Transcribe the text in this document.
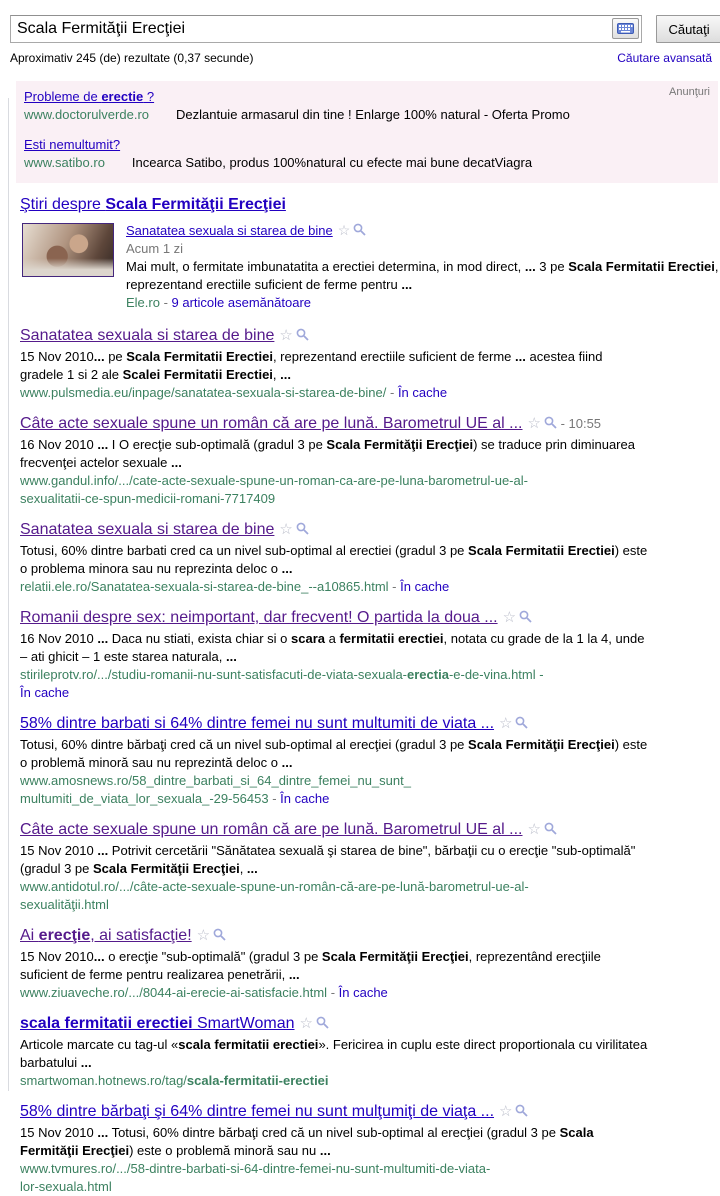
Scala Fermităţii Erecţiei
Căutaţi
Aproximativ 245 (de) rezultate (0,37 secunde)	Căutare avansată
Anunţuri
Probleme de erectie ?
www.doctorulverde.ro Dezlantuie armasarul din tine ! Enlarge 100% natural - Oferta Promo
Esti nemultumit?
www.satibo.ro Incearca Satibo, produs 100%natural cu efecte mai bune decatViagra
Ştiri despre Scala Fermităţii Erecţiei
Sanatatea sexuala si starea de bine ☆
Acum 1 zi
Mai mult, o fermitate imbunatatita a erectiei determina, in mod direct, ... 3 pe Scala Fermitatii Erectiei, reprezentand erectiile suficient de ferme pentru ...
Ele.ro - 9 articole asemănătoare
Sanatatea sexuala si starea de bine ☆
15 Nov 2010... pe Scala Fermitatii Erectiei, reprezentand erectiile suficient de ferme ... acestea fiind gradele 1 si 2 ale Scalei Fermitatii Erectiei, ...
www.pulsmedia.eu/inpage/sanatatea-sexuala-si-starea-de-bine/ - În cache
Câte acte sexuale spune un român că are pe lună. Barometrul UE al ... ☆ - 10:55
16 Nov 2010 ... I O erecţie sub-optimală (gradul 3 pe Scala Fermităţii Erecţiei) se traduce prin diminuarea frecvenţei actelor sexuale ...
www.gandul.info/.../cate-acte-sexuale-spune-un-roman-ca-are-pe-luna-barometrul-ue-al-
sexualitatii-ce-spun-medicii-romani-7717409
Sanatatea sexuala si starea de bine ☆
Totusi, 60% dintre barbati cred ca un nivel sub-optimal al erectiei (gradul 3 pe Scala Fermitatii Erectiei) este o problema minora sau nu reprezinta deloc o ...
relatii.ele.ro/Sanatatea-sexuala-si-starea-de-bine_--a10865.html - În cache
Romanii despre sex: neimportant, dar frecvent! O partida la doua ... ☆
16 Nov 2010 ... Daca nu stiati, exista chiar si o scara a fermitatii erectiei, notata cu grade de la 1 la 4, unde – ati ghicit – 1 este starea naturala, ...
stirileprotv.ro/.../studiu-romanii-nu-sunt-satisfacuti-de-viata-sexuala-erectia-e-de-vina.html -
În cache
58% dintre barbati si 64% dintre femei nu sunt multumiti de viata ... ☆
Totusi, 60% dintre bărbaţi cred că un nivel sub-optimal al erecţiei (gradul 3 pe Scala Fermităţii Erecţiei) este o problemă minoră sau nu reprezintă deloc o ...
www.amosnews.ro/58_dintre_barbati_si_64_dintre_femei_nu_sunt_
multumiti_de_viata_lor_sexuala_-29-56453 - În cache
Câte acte sexuale spune un român că are pe lună. Barometrul UE al ... ☆
15 Nov 2010 ... Potrivit cercetării "Sănătatea sexuală şi starea de bine", bărbaţii cu o erecţie "sub-optimală" (gradul 3 pe Scala Fermităţii Erecţiei, ...
www.antidotul.ro/.../câte-acte-sexuale-spune-un-român-că-are-pe-lună-barometrul-ue-al-
sexualităţii.html
Ai erecţie, ai satisfacţie! ☆
15 Nov 2010... o erecţie "sub-optimală" (gradul 3 pe Scala Fermităţii Erecţiei, reprezentând erecţiile suficient de ferme pentru realizarea penetrării, ...
www.ziuaveche.ro/.../8044-ai-erecie-ai-satisfacie.html - În cache
scala fermitatii erectiei SmartWoman ☆
Articole marcate cu tag-ul «scala fermitatii erectiei». Fericirea in cuplu este direct proportionala cu virilitatea barbatului ...
smartwoman.hotnews.ro/tag/scala-fermitatii-erectiei
58% dintre bărbaţi şi 64% dintre femei nu sunt mulţumiţi de viaţa ... ☆
15 Nov 2010 ... Totusi, 60% dintre bărbaţi cred că un nivel sub-optimal al erecţiei (gradul 3 pe Scala Fermităţii Erecţiei) este o problemă minoră sau nu ...
www.tvmures.ro/.../58-dintre-barbati-si-64-dintre-femei-nu-sunt-multumiti-de-viata-
lor-sexuala.html
